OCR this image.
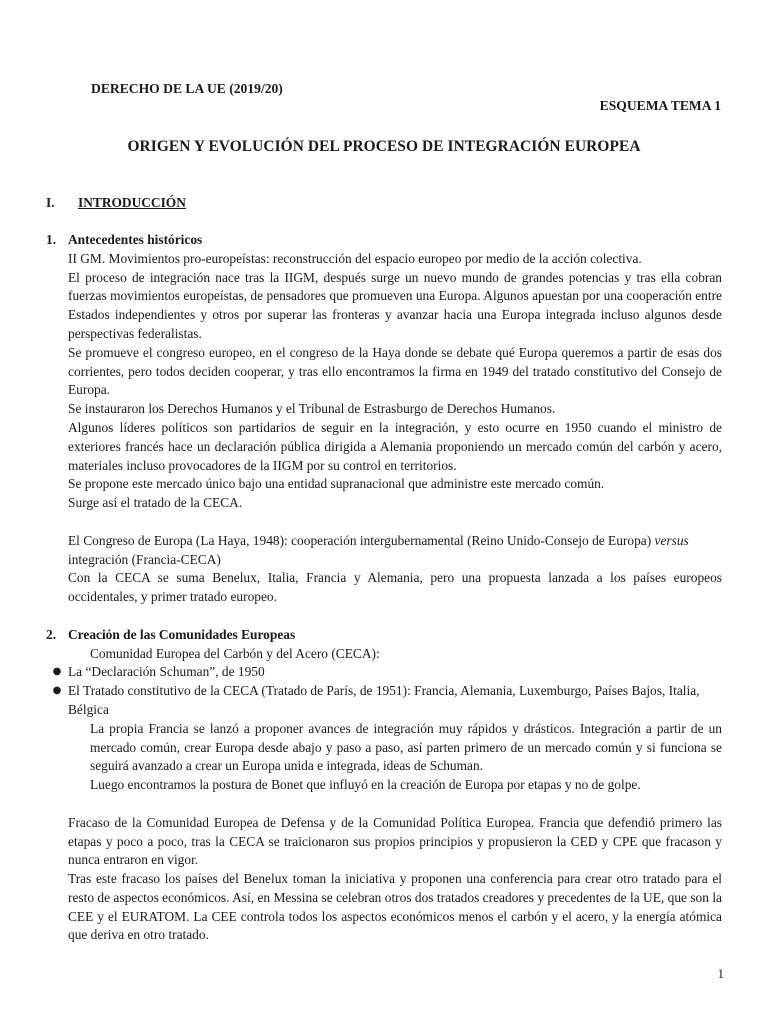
DERECHO DE LA UE (2019/20)
ESQUEMA TEMA 1
ORIGEN Y EVOLUCIÓN DEL PROCESO DE INTEGRACIÓN EUROPEA
I. INTRODUCCIÓN
1. Antecedentes históricos
II GM. Movimientos pro-europeístas: reconstrucción del espacio europeo por medio de la acción colectiva.

El proceso de integración nace tras la IIGM, después surge un nuevo mundo de grandes potencias y tras ella cobran fuerzas movimientos europeístas, de pensadores que promueven una Europa. Algunos apuestan por una cooperación entre Estados independientes y otros por superar las fronteras y avanzar hacia una Europa integrada incluso algunos desde perspectivas federalistas.

Se promueve el congreso europeo, en el congreso de la Haya donde se debate qué Europa queremos a partir de esas dos corrientes, pero todos deciden cooperar, y tras ello encontramos la firma en 1949 del tratado constitutivo del Consejo de Europa.

Se instauraron los Derechos Humanos y el Tribunal de Estrasburgo de Derechos Humanos.

Algunos líderes políticos son partidarios de seguir en la integración, y esto ocurre en 1950 cuando el ministro de exteriores francés hace un declaración pública dirigida a Alemania proponiendo un mercado común del carbón y acero, materiales incluso provocadores de la IIGM por su control en territorios.

Se propone este mercado único bajo una entidad supranacional que administre este mercado común.

Surge así el tratado de la CECA.

El Congreso de Europa (La Haya, 1948): cooperación intergubernamental (Reino Unido-Consejo de Europa) versus integración (Francia-CECA)

Con la CECA se suma Benelux, Italia, Francia y Alemania, pero una propuesta lanzada a los países europeos occidentales, y primer tratado europeo.

2. Creación de las Comunidades Europeas
Comunidad Europea del Carbón y del Acero (CECA):
● La “Declaración Schuman”, de 1950
● El Tratado constitutivo de la CECA (Tratado de París, de 1951): Francia, Alemania, Luxemburgo, Países Bajos, Italia, Bélgica

La propia Francia se lanzó a proponer avances de integración muy rápidos y drásticos. Integración a partir de un mercado común, crear Europa desde abajo y paso a paso, así parten primero de un mercado común y si funciona se seguirá avanzado a crear un Europa unida e integrada, ideas de Schuman.

Luego encontramos la postura de Bonet que influyó en la creación de Europa por etapas y no de golpe.

Fracaso de la Comunidad Europea de Defensa y de la Comunidad Política Europea. Francia que defendió primero las etapas y poco a poco, tras la CECA se traicionaron sus propios principios y propusieron la CED y CPE que fracason y nunca entraron en vigor.

Tras este fracaso los países del Benelux toman la iniciativa y proponen una conferencia para crear otro tratado para el resto de aspectos económicos. Así, en Messina se celebran otros dos tratados creadores y precedentes de la UE, que son la CEE y el EURATOM. La CEE controla todos los aspectos económicos menos el carbón y el acero, y la energía atómica que deriva en otro tratado.

1
